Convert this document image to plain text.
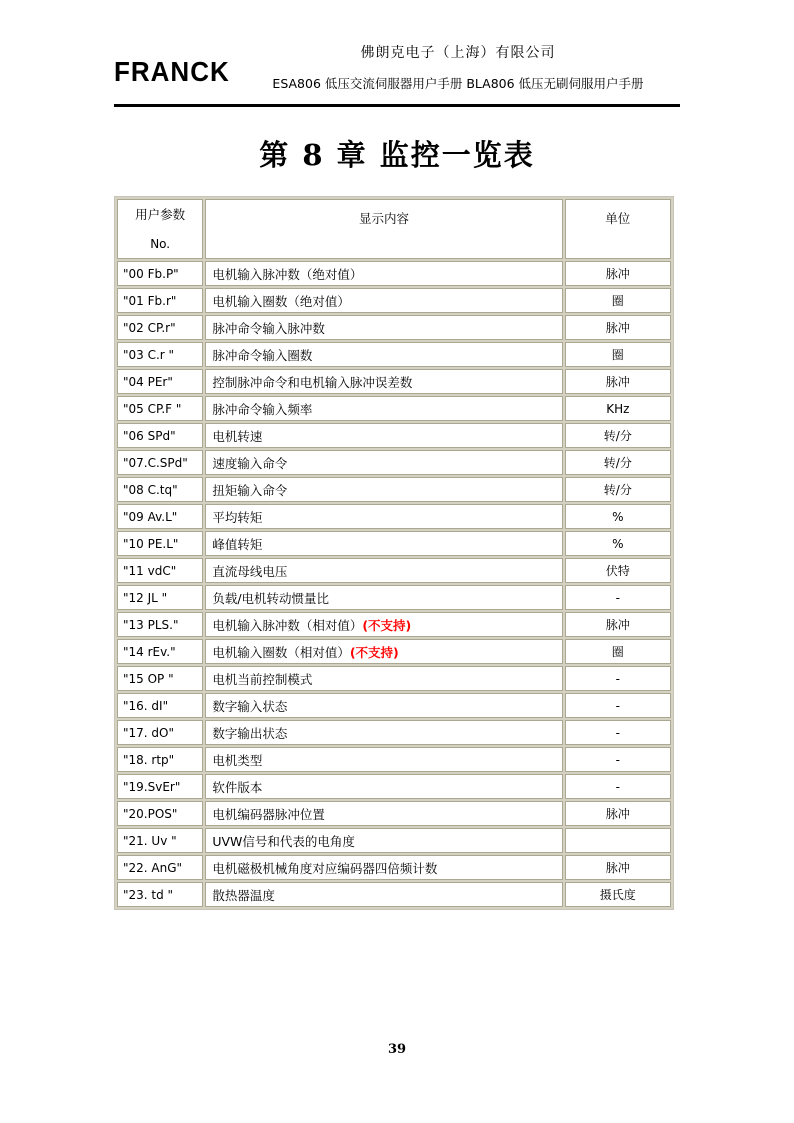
FRANCK
佛朗克电子（上海）有限公司
ESA806 低压交流伺服器用户手册 BLA806 低压无刷伺服用户手册
第 8 章 监控一览表
用户参数
No.	显示内容	单位
"00 Fb.P"	电机输入脉冲数（绝对值）	脉冲
"01 Fb.r"	电机输入圈数（绝对值）	圈
"02 CP.r"	脉冲命令输入脉冲数	脉冲
"03 C.r "	脉冲命令输入圈数	圈
"04 PEr"	控制脉冲命令和电机输入脉冲误差数	脉冲
"05 CP.F "	脉冲命令输入频率	KHz
"06 SPd"	电机转速	转/分
"07.C.SPd"	速度输入命令	转/分
"08 C.tq"	扭矩输入命令	转/分
"09 Av.L"	平均转矩	%
"10 PE.L"	峰值转矩	%
"11 vdC"	直流母线电压	伏特
"12 JL "	负载/电机转动惯量比	-
"13 PLS."	电机输入脉冲数（相对值）(不支持)	脉冲
"14 rEv."	电机输入圈数（相对值）(不支持)	圈
"15 OP "	电机当前控制模式	-
"16. dI"	数字输入状态	-
"17. dO"	数字输出状态	-
"18. rtp"	电机类型	-
"19.SvEr"	软件版本	-
"20.POS"	电机编码器脉冲位置	脉冲
"21. Uv "	UVW信号和代表的电角度	
"22. AnG"	电机磁极机械角度对应编码器四倍频计数	脉冲
"23. td "	散热器温度	摄氏度
39
